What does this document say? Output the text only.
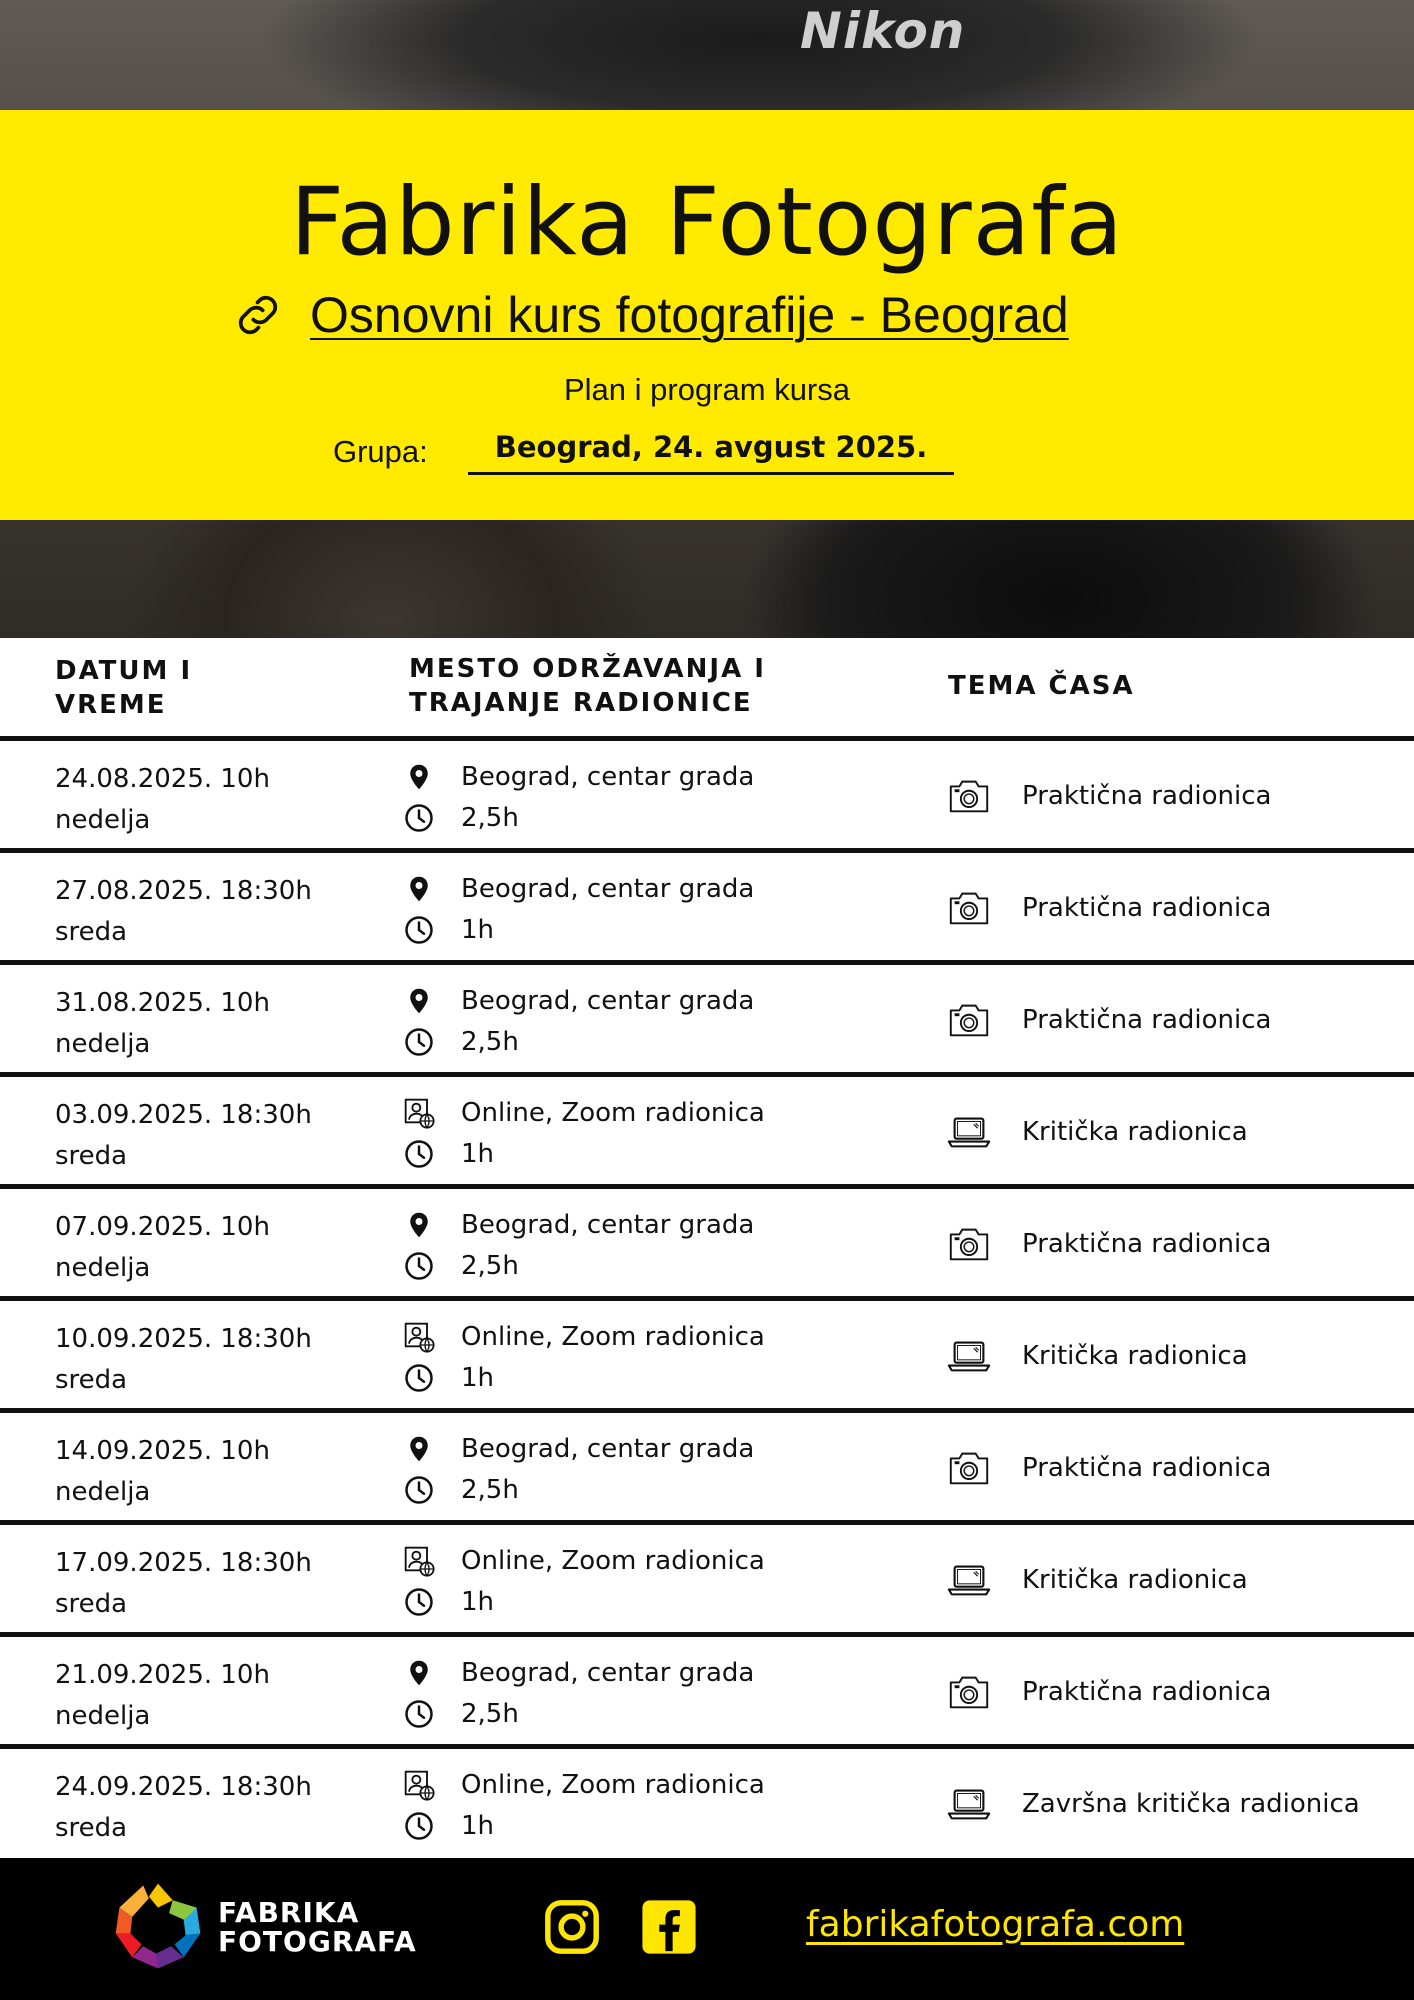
Nikon
Fabrika Fotografa
Osnovni kurs fotografije - Beograd
Plan i program kursa
Grupa:	Beograd, 24. avgust 2025.
DATUM I VREME
MESTO ODRŽAVANJA I TRAJANJE RADIONICE
TEMA ČASA
24.08.2025. 10h
nedelja
Beograd, centar grada
2,5h
Praktična radionica
27.08.2025. 18:30h
sreda
Beograd, centar grada
1h
Praktična radionica
31.08.2025. 10h
nedelja
Beograd, centar grada
2,5h
Praktična radionica
03.09.2025. 18:30h
sreda
Online, Zoom radionica
1h
Kritička radionica
07.09.2025. 10h
nedelja
Beograd, centar grada
2,5h
Praktična radionica
10.09.2025. 18:30h
sreda
Online, Zoom radionica
1h
Kritička radionica
14.09.2025. 10h
nedelja
Beograd, centar grada
2,5h
Praktična radionica
17.09.2025. 18:30h
sreda
Online, Zoom radionica
1h
Kritička radionica
21.09.2025. 10h
nedelja
Beograd, centar grada
2,5h
Praktična radionica
24.09.2025. 18:30h
sreda
Online, Zoom radionica
1h
Završna kritička radionica
FABRIKA
FOTOGRAFA	fabrikafotografa.com
